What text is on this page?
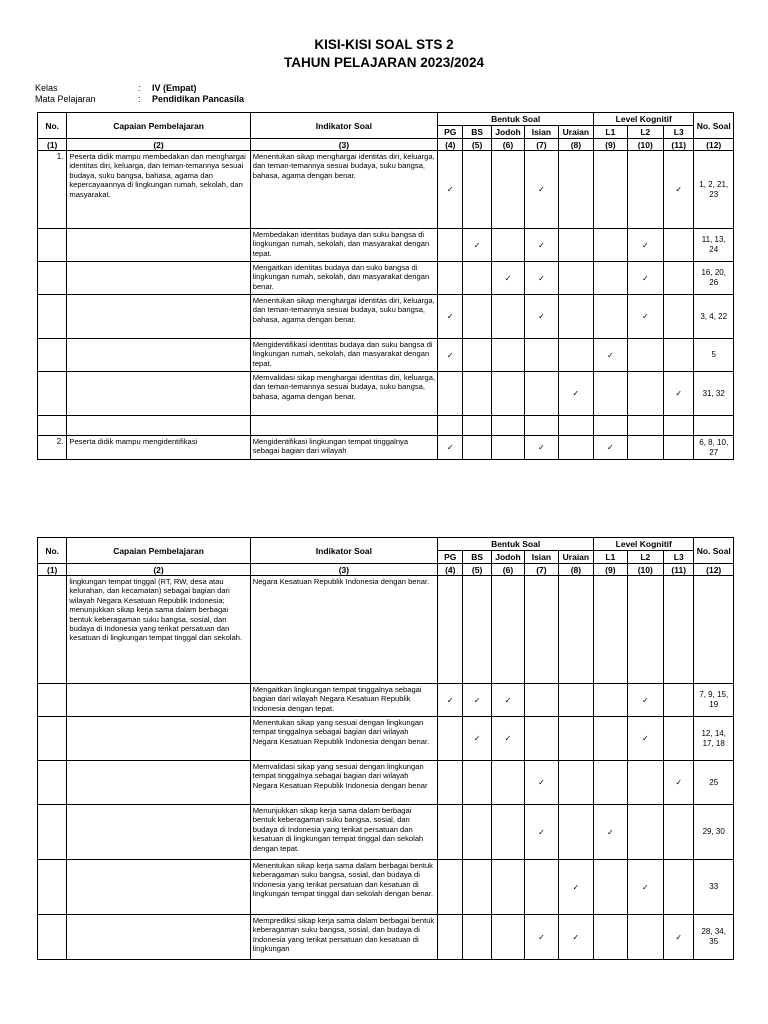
KISI-KISI SOAL STS 2
TAHUN PELAJARAN 2023/2024
Kelas	: IV (Empat)
Mata Pelajaran	: Pendidikan Pancasila
No.	Capaian Pembelajaran	Indikator Soal	Bentuk Soal					Level Kognitif			No. Soal
			PG	BS	Jodoh	Isian	Uraian	L1	L2	L3	
(1)	(2)	(3)	(4)	(5)	(6)	(7)	(8)	(9)	(10)	(11)	(12)
1.	Peserta didik mampu membedakan dan menghargai identitas diri, keluarga, dan teman-temannya sesuai budaya, suku bangsa, bahasa, agama dan kepercayaannya di lingkungan rumah, sekolah, dan masyarakat.	Menentukan sikap menghargai identitas diri, keluarga, dan teman-temannya sesuai budaya, suku bangsa, bahasa, agama dengan benar.	✓			✓				✓	1, 2, 21, 23
		Membedakan identitas budaya dan suku bangsa di lingkungan rumah, sekolah, dan masyarakat dengan tepat.		✓		✓			✓		11, 13, 24
		Mengaitkan identitas budaya dan suku bangsa di lingkungan rumah, sekolah, dan masyarakat dengan benar.			✓	✓			✓		16, 20, 26
		Menentukan sikap menghargai identitas diri, keluarga, dan teman-temannya sesuai budaya, suku bangsa, bahasa, agama dengan benar.	✓			✓			✓		3, 4, 22
		Mengidentifikasi identitas budaya dan suku bangsa di lingkungan rumah, sekolah, dan masyarakat dengan tepat.	✓					✓			5
		Memvalidasi sikap menghargai identitas diri, keluarga, dan teman-temannya sesuai budaya, suku bangsa, bahasa, agama dengan benar.					✓			✓	31, 32

2.	Peserta didik mampu mengidentifikasi	Mengidentifikasi lingkungan tempat tinggalnya sebagai bagian dari wilayah	✓			✓		✓			6, 8, 10, 27
No.	Capaian Pembelajaran	Indikator Soal	Bentuk Soal					Level Kognitif			No. Soal
			PG	BS	Jodoh	Isian	Uraian	L1	L2	L3	
(1)	(2)	(3)	(4)	(5)	(6)	(7)	(8)	(9)	(10)	(11)	(12)
	lingkungan tempat tinggal (RT, RW, desa atau kelurahan, dan kecamatan) sebagai bagian dari wilayah Negara Kesatuan Republik Indonesia; menunjukkan sikap kerja sama dalam berbagai bentuk keberagaman suku bangsa, sosial, dan budaya di Indonesia yang terikat persatuan dan kesatuan di lingkungan tempat tinggal dan sekolah.	Negara Kesatuan Republik Indonesia dengan benar.									
		Mengaitkan lingkungan tempat tinggalnya sebagai bagian dari wilayah Negara Kesatuan Republik Indonesia dengan tepat.	✓	✓	✓				✓		7, 9, 15, 19
		Menentukan sikap yang sesuai dengan lingkungan tempat tinggalnya sebagai bagian dari wilayah Negara Kesatuan Republik Indonesia dengan benar.		✓	✓				✓		12, 14, 17, 18
		Memvalidasi sikap yang sesuai dengan lingkungan tempat tinggalnya sebagai bagian dari wilayah Negara Kesatuan Republik Indonesia dengan benar				✓				✓	25
		Menunjukkan sikap kerja sama dalam berbagai bentuk keberagaman suku bangsa, sosial, dan budaya di Indonesia yang terikat persatuan dan kesatuan di lingkungan tempat tinggal dan sekolah dengan tepat.				✓		✓			29, 30
		Menentukan sikap kerja sama dalam berbagai bentuk keberagaman suku bangsa, sosial, dan budaya di Indonesia yang terikat persatuan dan kesatuan di lingkungan tempat tinggal dan sekolah dengan benar.					✓		✓		33
		Memprediksi sikap kerja sama dalam berbagai bentuk keberagaman suku bangsa, sosial, dan budaya di Indonesia yang terikat persatuan dan kesatuan di lingkungan				✓	✓			✓	28, 34, 35
